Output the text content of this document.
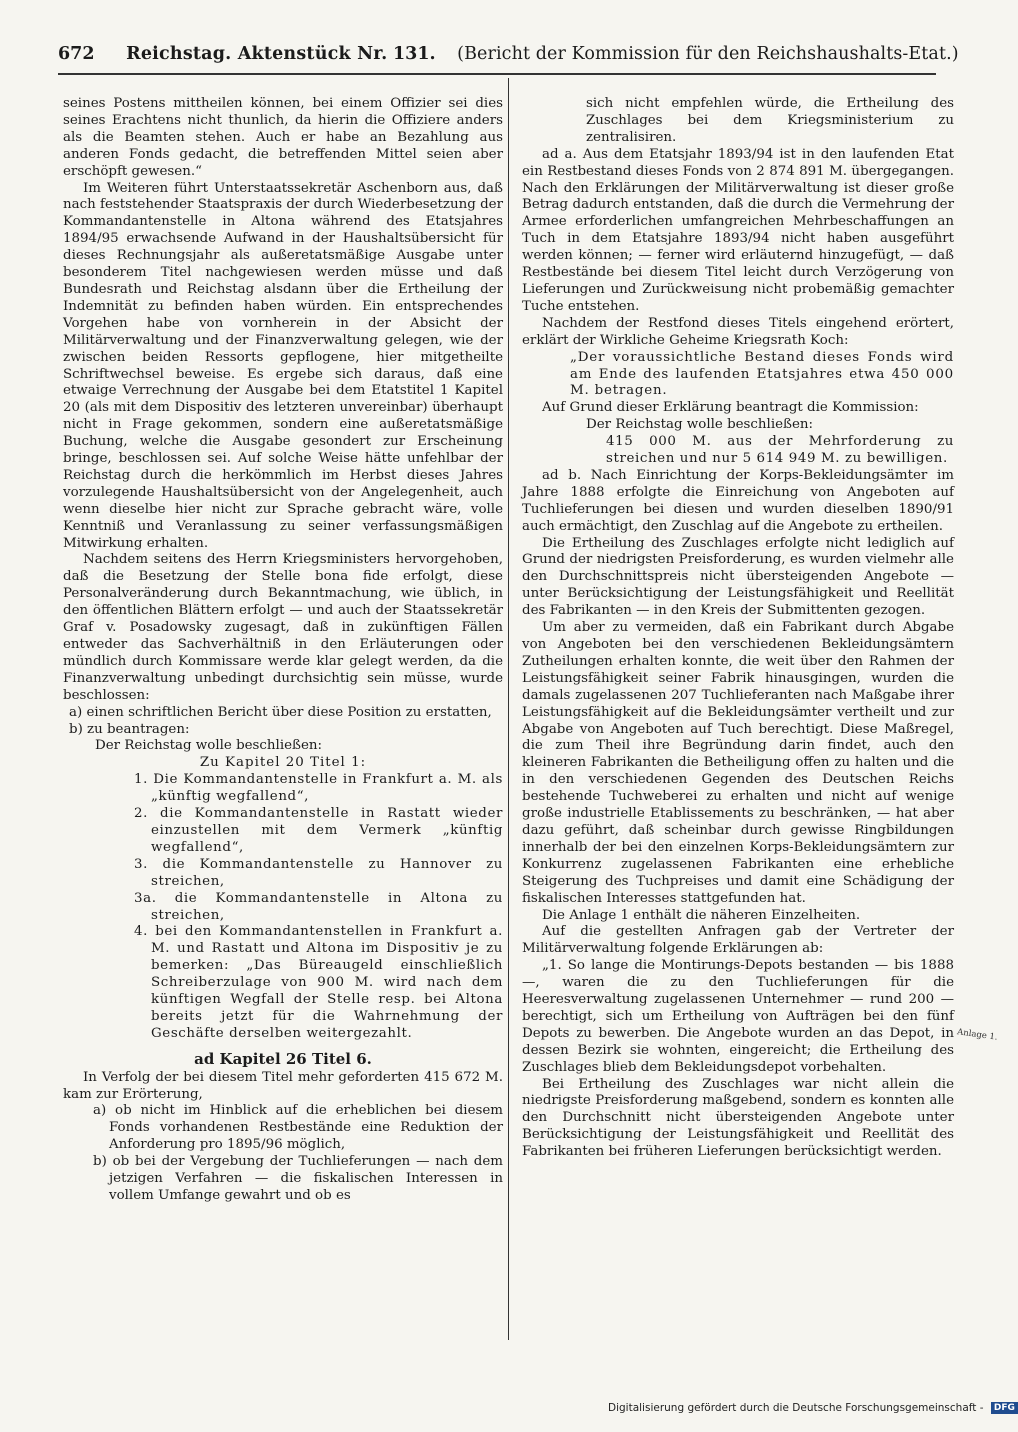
672 Reichstag. Aktenstück Nr. 131. (Bericht der Kommission für den Reichshaushalts-Etat.)

seines Postens mittheilen können, bei einem Offizier sei dies seines Erachtens nicht thunlich, da hierin die Offiziere anders als die Beamten stehen. Auch er habe an Bezahlung aus anderen Fonds gedacht, die betreffenden Mittel seien aber erschöpft gewesen.“

Im Weiteren führt Unterstaatssekretär Aschenborn aus, daß nach feststehender Staatspraxis der durch Wiederbesetzung der Kommandantenstelle in Altona während des Etatsjahres 1894/95 erwachsende Aufwand in der Haushaltsübersicht für dieses Rechnungsjahr als außeretatsmäßige Ausgabe unter besonderem Titel nachgewiesen werden müsse und daß Bundesrath und Reichstag alsdann über die Ertheilung der Indemnität zu befinden haben würden. Ein entsprechendes Vorgehen habe von vornherein in der Absicht der Militärverwaltung und der Finanzverwaltung gelegen, wie der zwischen beiden Ressorts gepflogene, hier mitgetheilte Schriftwechsel beweise. Es ergebe sich daraus, daß eine etwaige Verrechnung der Ausgabe bei dem Etatstitel 1 Kapitel 20 (als mit dem Dispositiv des letzteren unvereinbar) überhaupt nicht in Frage gekommen, sondern eine außeretatsmäßige Buchung, welche die Ausgabe gesondert zur Erscheinung bringe, beschlossen sei. Auf solche Weise hätte unfehlbar der Reichstag durch die herkömmlich im Herbst dieses Jahres vorzulegende Haushaltsübersicht von der Angelegenheit, auch wenn dieselbe hier nicht zur Sprache gebracht wäre, volle Kenntniß und Veranlassung zu seiner verfassungsmäßigen Mitwirkung erhalten.

Nachdem seitens des Herrn Kriegsministers hervorgehoben, daß die Besetzung der Stelle bona fide erfolgt, diese Personalveränderung durch Bekanntmachung, wie üblich, in den öffentlichen Blättern erfolgt — und auch der Staatssekretär Graf v. Posadowsky zugesagt, daß in zukünftigen Fällen entweder das Sachverhältniß in den Erläuterungen oder mündlich durch Kommissare werde klar gelegt werden, da die Finanzverwaltung unbedingt durchsichtig sein müsse, wurde beschlossen:

a) einen schriftlichen Bericht über diese Position zu erstatten,

b) zu beantragen:

Der Reichstag wolle beschließen:

Zu Kapitel 20 Titel 1:

1. Die Kommandantenstelle in Frankfurt a. M. als „künftig wegfallend“,

2. die Kommandantenstelle in Rastatt wieder einzustellen mit dem Vermerk „künftig wegfallend“,

3. die Kommandantenstelle zu Hannover zu streichen,

3a. die Kommandantenstelle in Altona zu streichen,

4. bei den Kommandantenstellen in Frankfurt a. M. und Rastatt und Altona im Dispositiv je zu bemerken: „Das Büreaugeld einschließlich Schreiberzulage von 900 M. wird nach dem künftigen Wegfall der Stelle resp. bei Altona bereits jetzt für die Wahrnehmung der Geschäfte derselben weitergezahlt.

ad Kapitel 26 Titel 6.

In Verfolg der bei diesem Titel mehr geforderten 415 672 M. kam zur Erörterung,

a) ob nicht im Hinblick auf die erheblichen bei diesem Fonds vorhandenen Restbestände eine Reduktion der Anforderung pro 1895/96 möglich,

b) ob bei der Vergebung der Tuchlieferungen — nach dem jetzigen Verfahren — die fiskalischen Interessen in vollem Umfange gewahrt und ob es

sich nicht empfehlen würde, die Ertheilung des Zuschlages bei dem Kriegsministerium zu zentralisiren.

ad a. Aus dem Etatsjahr 1893/94 ist in den laufenden Etat ein Restbestand dieses Fonds von 2 874 891 M. übergegangen. Nach den Erklärungen der Militärverwaltung ist dieser große Betrag dadurch entstanden, daß die durch die Vermehrung der Armee erforderlichen umfangreichen Mehrbeschaffungen an Tuch in dem Etatsjahre 1893/94 nicht haben ausgeführt werden können; — ferner wird erläuternd hinzugefügt, — daß Restbestände bei diesem Titel leicht durch Verzögerung von Lieferungen und Zurückweisung nicht probemäßig gemachter Tuche entstehen.

Nachdem der Restfond dieses Titels eingehend erörtert, erklärt der Wirkliche Geheime Kriegsrath Koch:

„Der voraussichtliche Bestand dieses Fonds wird am Ende des laufenden Etatsjahres etwa 450 000 M. betragen.

Auf Grund dieser Erklärung beantragt die Kommission:

Der Reichstag wolle beschließen:

415 000 M. aus der Mehrforderung zu streichen und nur 5 614 949 M. zu bewilligen.

ad b. Nach Einrichtung der Korps-Bekleidungsämter im Jahre 1888 erfolgte die Einreichung von Angeboten auf Tuchlieferungen bei diesen und wurden dieselben 1890/91 auch ermächtigt, den Zuschlag auf die Angebote zu ertheilen.

Die Ertheilung des Zuschlages erfolgte nicht lediglich auf Grund der niedrigsten Preisforderung, es wurden vielmehr alle den Durchschnittspreis nicht übersteigenden Angebote — unter Berücksichtigung der Leistungsfähigkeit und Reellität des Fabrikanten — in den Kreis der Submittenten gezogen.

Um aber zu vermeiden, daß ein Fabrikant durch Abgabe von Angeboten bei den verschiedenen Bekleidungsämtern Zutheilungen erhalten konnte, die weit über den Rahmen der Leistungsfähigkeit seiner Fabrik hinausgingen, wurden die damals zugelassenen 207 Tuchlieferanten nach Maßgabe ihrer Leistungsfähigkeit auf die Bekleidungsämter vertheilt und zur Abgabe von Angeboten auf Tuch berechtigt. Diese Maßregel, die zum Theil ihre Begründung darin findet, auch den kleineren Fabrikanten die Betheiligung offen zu halten und die in den verschiedenen Gegenden des Deutschen Reichs bestehende Tuchweberei zu erhalten und nicht auf wenige große industrielle Etablissements zu beschränken, — hat aber dazu geführt, daß scheinbar durch gewisse Ringbildungen innerhalb der bei den einzelnen Korps-Bekleidungsämtern zur Konkurrenz zugelassenen Fabrikanten eine erhebliche Steigerung des Tuchpreises und damit eine Schädigung der fiskalischen Interesses stattgefunden hat.

Die Anlage 1 enthält die näheren Einzelheiten.

Auf die gestellten Anfragen gab der Vertreter der Militärverwaltung folgende Erklärungen ab:

„1. So lange die Montirungs-Depots bestanden — bis 1888 —, waren die zu den Tuchlieferungen für die Heeresverwaltung zugelassenen Unternehmer — rund 200 — berechtigt, sich um Ertheilung von Aufträgen bei den fünf Depots zu bewerben. Die Angebote wurden an das Depot, in dessen Bezirk sie wohnten, eingereicht; die Ertheilung des Zuschlages blieb dem Bekleidungsdepot vorbehalten.

Bei Ertheilung des Zuschlages war nicht allein die niedrigste Preisforderung maßgebend, sondern es konnten alle den Durchschnitt nicht übersteigenden Angebote unter Berücksichtigung der Leistungsfähigkeit und Reellität des Fabrikanten bei früheren Lieferungen berücksichtigt werden.

Anlage 1.
Digitalisierung gefördert durch die Deutsche Forschungsgemeinschaft - DFG
